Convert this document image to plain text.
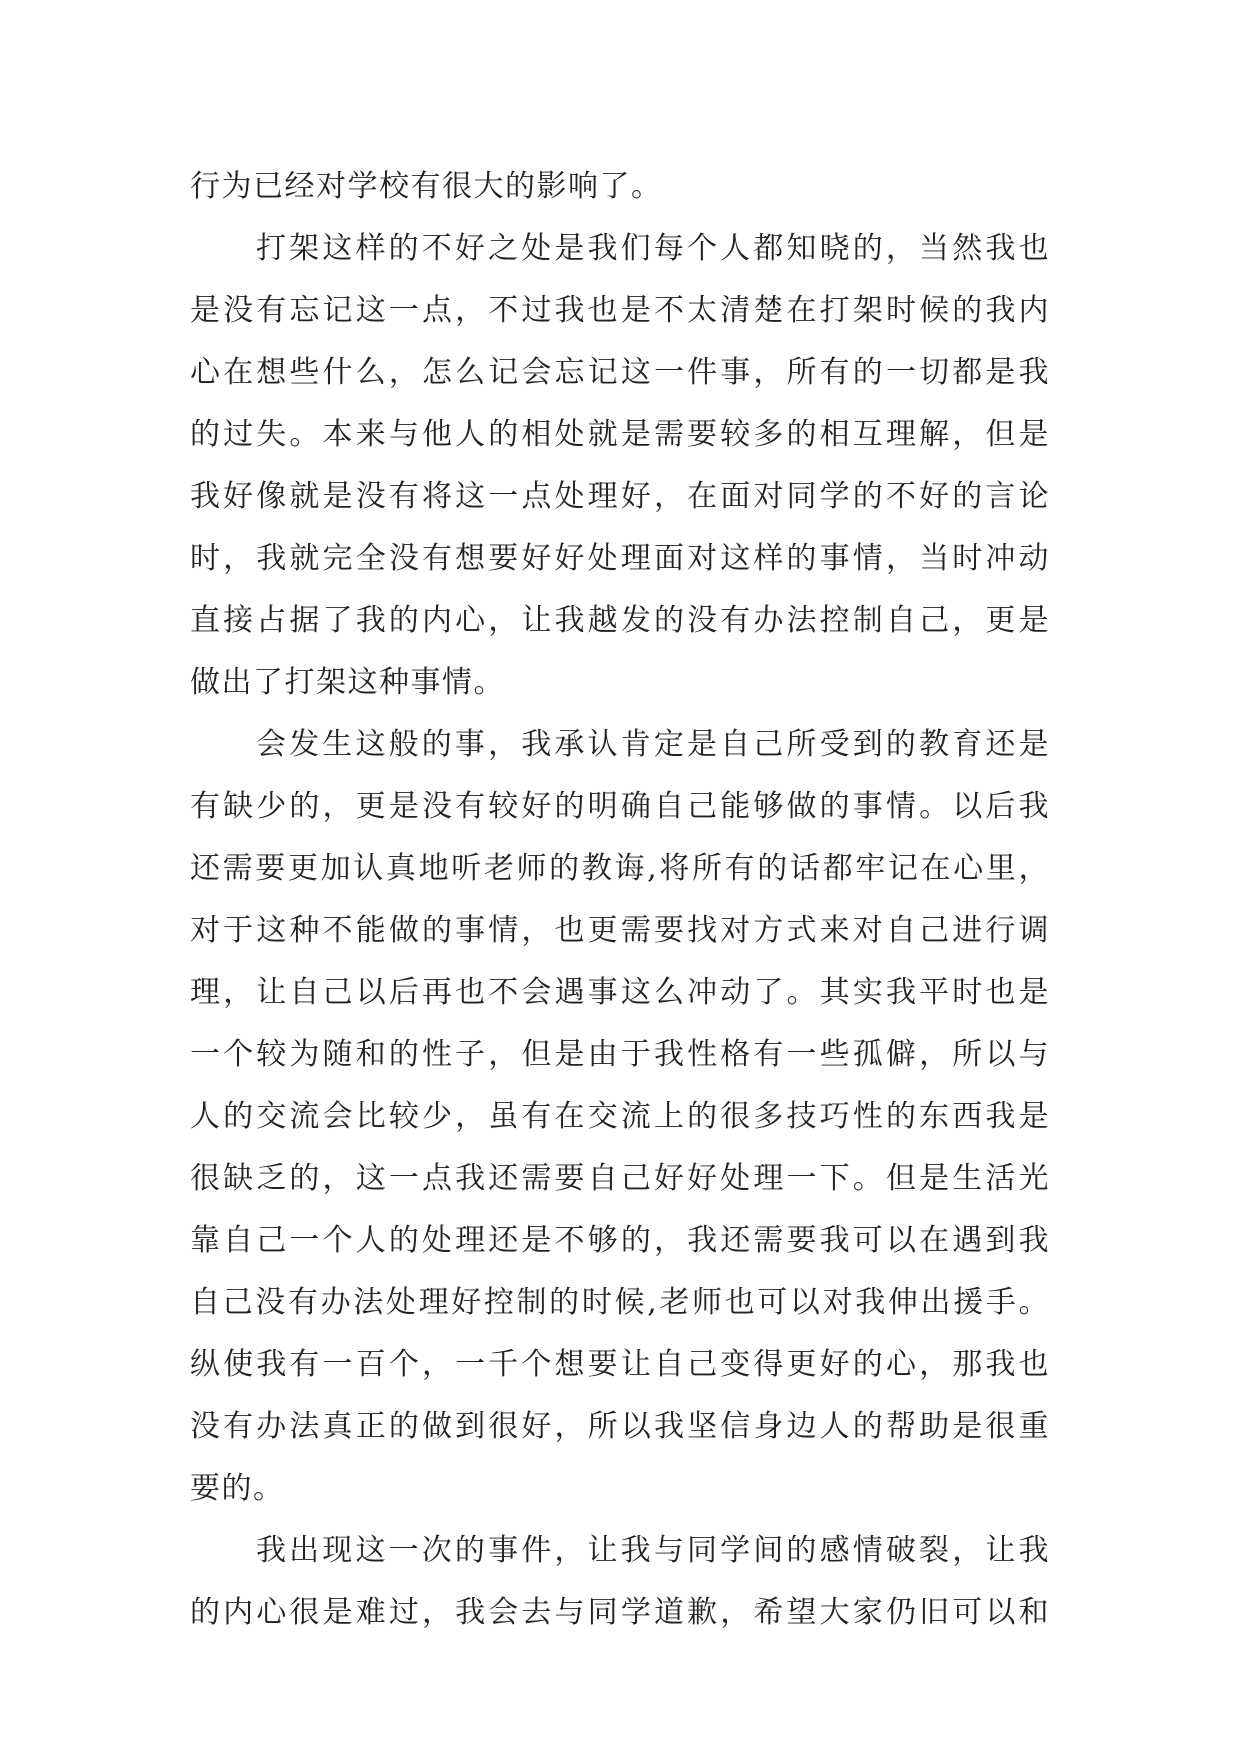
行为已经对学校有很大的影响了。
打架这样的不好之处是我们每个人都知晓的，当然我也
是没有忘记这一点，不过我也是不太清楚在打架时候的我内
心在想些什么，怎么记会忘记这一件事，所有的一切都是我
的过失。本来与他人的相处就是需要较多的相互理解，但是
我好像就是没有将这一点处理好，在面对同学的不好的言论
时，我就完全没有想要好好处理面对这样的事情，当时冲动
直接占据了我的内心，让我越发的没有办法控制自己，更是
做出了打架这种事情。
会发生这般的事，我承认肯定是自己所受到的教育还是
有缺少的，更是没有较好的明确自己能够做的事情。以后我
还需要更加认真地听老师的教诲,将所有的话都牢记在心里，
对于这种不能做的事情，也更需要找对方式来对自己进行调
理，让自己以后再也不会遇事这么冲动了。其实我平时也是
一个较为随和的性子，但是由于我性格有一些孤僻，所以与
人的交流会比较少，虽有在交流上的很多技巧性的东西我是
很缺乏的，这一点我还需要自己好好处理一下。但是生活光
靠自己一个人的处理还是不够的，我还需要我可以在遇到我
自己没有办法处理好控制的时候,老师也可以对我伸出援手。
纵使我有一百个，一千个想要让自己变得更好的心，那我也
没有办法真正的做到很好，所以我坚信身边人的帮助是很重
要的。
我出现这一次的事件，让我与同学间的感情破裂，让我
的内心很是难过，我会去与同学道歉，希望大家仍旧可以和
